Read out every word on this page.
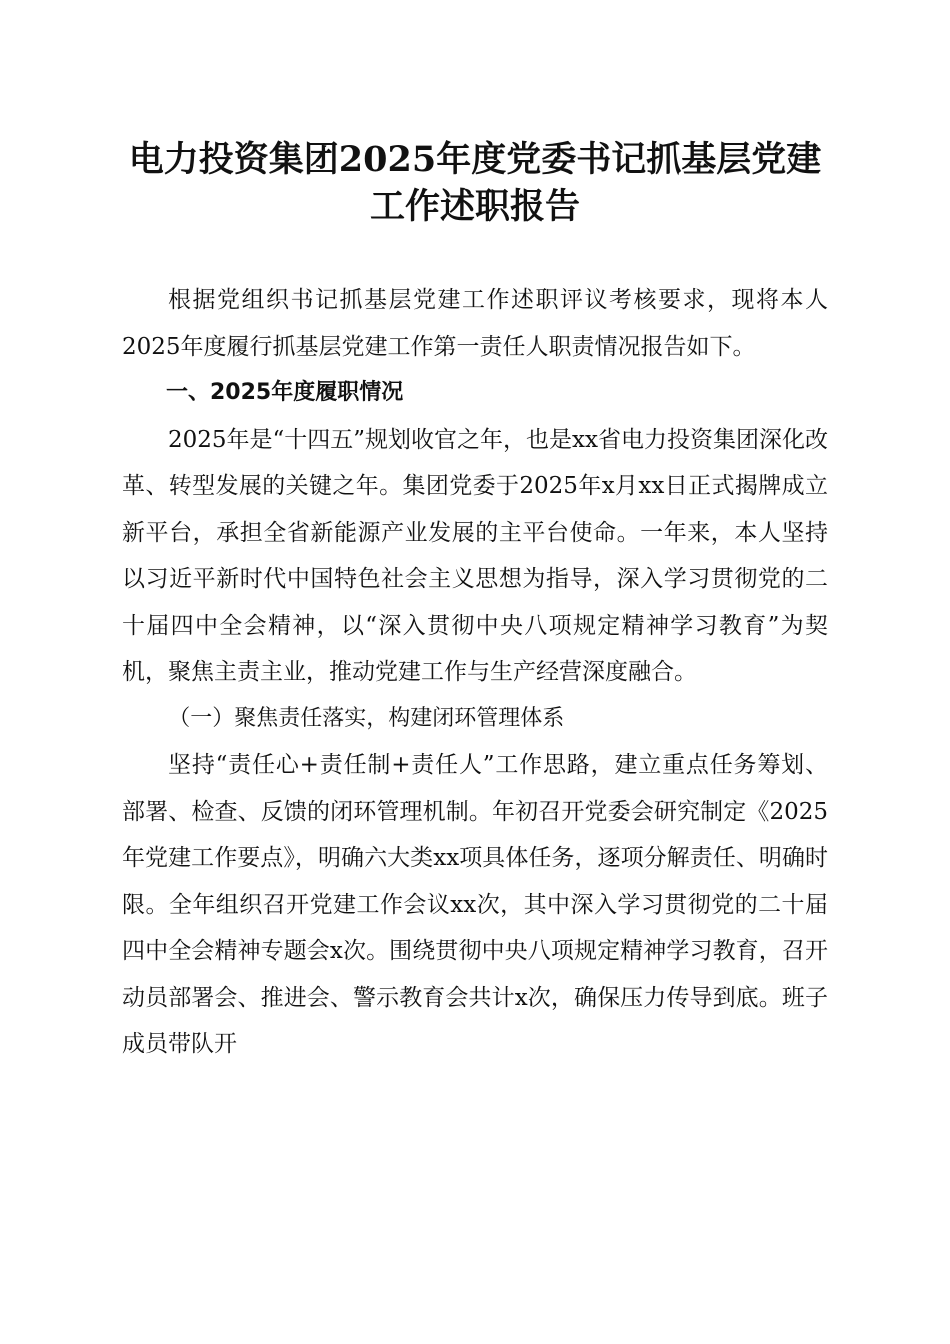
电力投资集团2025年度党委书记抓基层党建
工作述职报告

根据党组织书记抓基层党建工作述职评议考核要求，现将本人2025年度履行抓基层党建工作第一责任人职责情况报告如下。

一、2025年度履职情况

2025年是“十四五”规划收官之年，也是xx省电力投资集团深化改革、转型发展的关键之年。集团党委于2025年x月xx日正式揭牌成立新平台，承担全省新能源产业发展的主平台使命。一年来，本人坚持以习近平新时代中国特色社会主义思想为指导，深入学习贯彻党的二十届四中全会精神，以“深入贯彻中央八项规定精神学习教育”为契机，聚焦主责主业，推动党建工作与生产经营深度融合。

（一）聚焦责任落实，构建闭环管理体系

坚持“责任心+责任制+责任人”工作思路，建立重点任务筹划、部署、检查、反馈的闭环管理机制。年初召开党委会研究制定《2025年党建工作要点》，明确六大类xx项具体任务，逐项分解责任、明确时限。全年组织召开党建工作会议xx次，其中深入学习贯彻党的二十届四中全会精神专题会x次。围绕贯彻中央八项规定精神学习教育，召开动员部署会、推进会、警示教育会共计x次，确保压力传导到底。班子成员带队开
